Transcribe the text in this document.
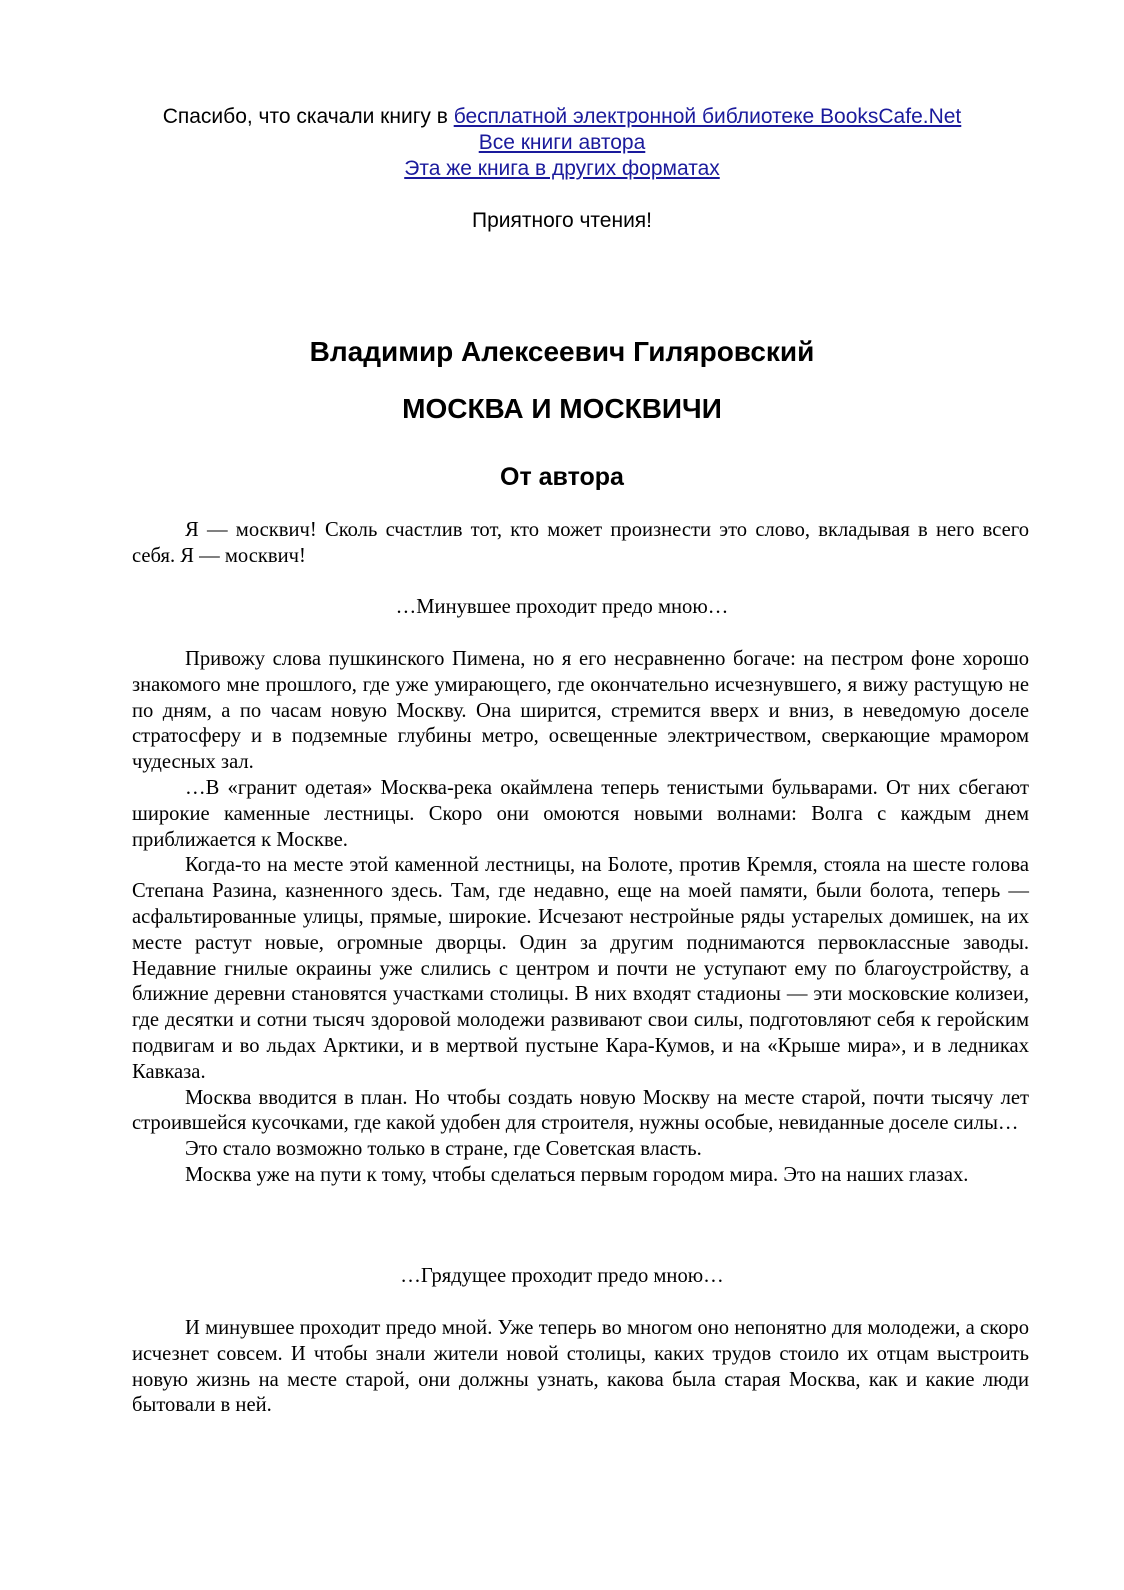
Спасибо, что скачали книгу в бесплатной электронной библиотеке BooksCafe.Net
Все книги автора
Эта же книга в других форматах
Приятного чтения!
Владимир Алексеевич Гиляровский
МОСКВА И МОСКВИЧИ
От автора

Я — москвич! Сколь счастлив тот, кто может произнести это слово, вкладывая в него всего себя. Я — москвич!

…Минувшее проходит предо мною…

Привожу слова пушкинского Пимена, но я его несравненно богаче: на пестром фоне хорошо знакомого мне прошлого, где уже умирающего, где окончательно исчезнувшего, я вижу растущую не по дням, а по часам новую Москву. Она ширится, стремится вверх и вниз, в неведомую доселе стратосферу и в подземные глубины метро, освещенные электричеством, сверкающие мрамором чудесных зал.

…В «гранит одетая» Москва-река окаймлена теперь тенистыми бульварами. От них сбегают широкие каменные лестницы. Скоро они омоются новыми волнами: Волга с каждым днем приближается к Москве.

Когда-то на месте этой каменной лестницы, на Болоте, против Кремля, стояла на шесте голова Степана Разина, казненного здесь. Там, где недавно, еще на моей памяти, были болота, теперь — асфальтированные улицы, прямые, широкие. Исчезают нестройные ряды устарелых домишек, на их месте растут новые, огромные дворцы. Один за другим поднимаются первоклассные заводы. Недавние гнилые окраины уже слились с центром и почти не уступают ему по благоустройству, а ближние деревни становятся участками столицы. В них входят стадионы — эти московские колизеи, где десятки и сотни тысяч здоровой молодежи развивают свои силы, подготовляют себя к геройским подвигам и во льдах Арктики, и в мертвой пустыне Кара-Кумов, и на «Крыше мира», и в ледниках Кавказа.

Москва вводится в план. Но чтобы создать новую Москву на месте старой, почти тысячу лет строившейся кусочками, где какой удобен для строителя, нужны особые, невиданные доселе силы…

Это стало возможно только в стране, где Советская власть.

Москва уже на пути к тому, чтобы сделаться первым городом мира. Это на наших глазах.

…Грядущее проходит предо мною…

И минувшее проходит предо мной. Уже теперь во многом оно непонятно для молодежи, а скоро исчезнет совсем. И чтобы знали жители новой столицы, каких трудов стоило их отцам выстроить новую жизнь на месте старой, они должны узнать, какова была старая Москва, как и какие люди бытовали в ней.
